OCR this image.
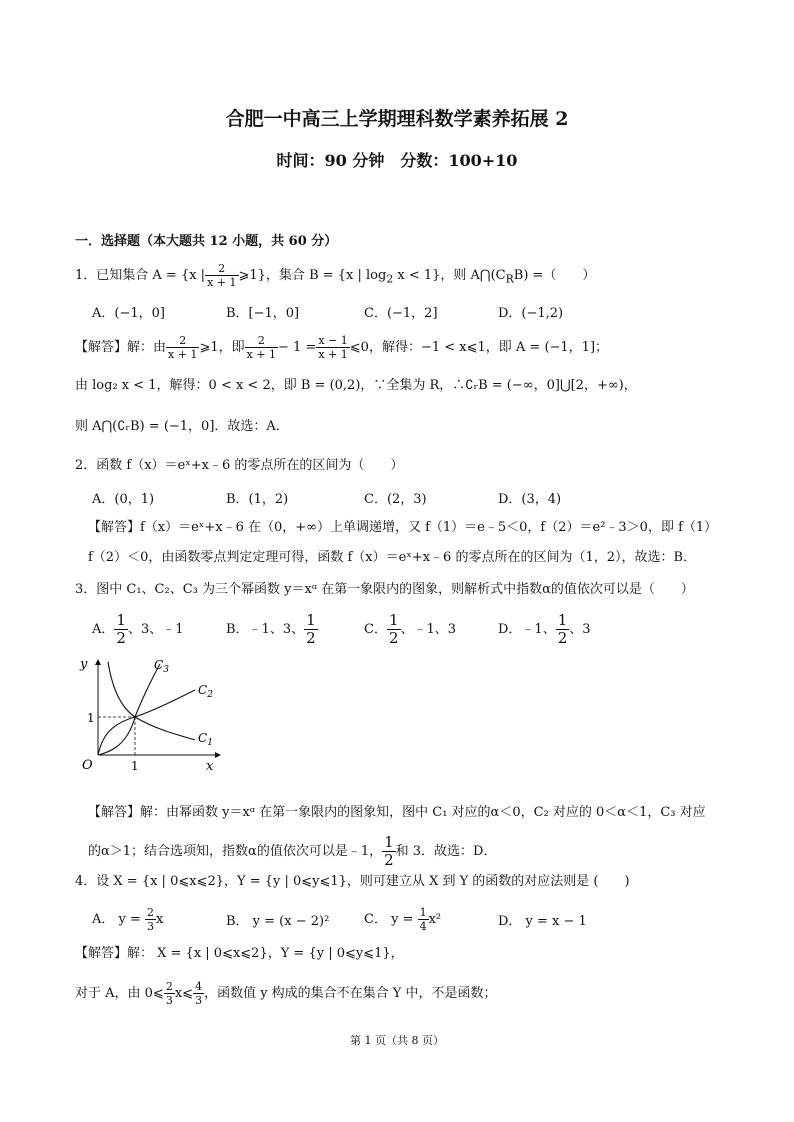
合肥一中高三上学期理科数学素养拓展 2
时间：90 分钟　分数：100+10
一．选择题（本大题共 12 小题，共 60 分）
1．已知集合 A = {x | $\frac{2}{x + 1}$ ⩾1}，集合 B = {x | $\log_2 x < 1$}，则 $A⋂(C_RB)$ =（　　）
A．(−1，0]	B．[−1，0]	C．(−1，2]	D．(−1,2)
【解答】解：由 $\frac{2}{x + 1}$ ⩾1，即 $\frac{2}{x + 1} - 1 = \frac{x - 1}{x + 1}$ ⩽0，解得：−1 < x⩽1，即 A = (−1，1]；
由 log₂ x < 1，解得：0 < x < 2，即 B = (0,2)，∵全集为 R，∴∁ᵣB = (−∞，0]⋃[2，+∞)，
则 A⋂(∁ᵣB) = (−1，0]．故选：A．
2．函数 f（x）＝eˣ+x﹣6 的零点所在的区间为（　　）
A．(0，1)	B．(1，2)	C．(2，3)	D．(3，4)
【解答】f（x）＝eˣ+x﹣6 在（0，+∞）上单调递增，又 f（1）＝e﹣5＜0，f（2）＝e²﹣3＞0，即 f（1）
f（2）＜0，由函数零点判定定理可得，函数 f（x）＝eˣ+x﹣6 的零点所在的区间为（1，2），故选：B．
3．图中 C₁、C₂、C₃ 为三个幂函数 y＝xᵅ 在第一象限内的图象，则解析式中指数α的值依次可以是（　　）
A． $\frac{1}{2}$ 、3、﹣1	B．﹣1、3、 $\frac{1}{2}$	C． $\frac{1}{2}$ 、﹣1、3	D．﹣1、 $\frac{1}{2}$ 、3
y
x
O	1
1
$C_3$
$C_2$
$C_1$
【解答】解：由幂函数 y＝xᵅ 在第一象限内的图象知，图中 C₁ 对应的α＜0，C₂ 对应的 0＜α＜1，C₃ 对应
的α＞1；结合选项知，指数α的值依次可以是﹣1， $\frac{1}{2}$ 和 3．故选：D．
4．设 X = {x | 0⩽x⩽2}，Y = {y | 0⩽y⩽1}，则可建立从 X 到 Y 的函数的对应法则是 (　　)
A． $y = \frac{2}{3}$ x	B． y = (x − 2)²	C． $y = \frac{1}{4} x^2$	D． y = x − 1
【解答】解： X = {x | 0⩽x⩽2}，Y = {y | 0⩽y⩽1}，
对于 A，由 0⩽ $\frac{2}{3}$ x⩽ $\frac{4}{3}$ ，函数值 y 构成的集合不在集合 Y 中，不是函数；
第 1 页（共 8 页）
